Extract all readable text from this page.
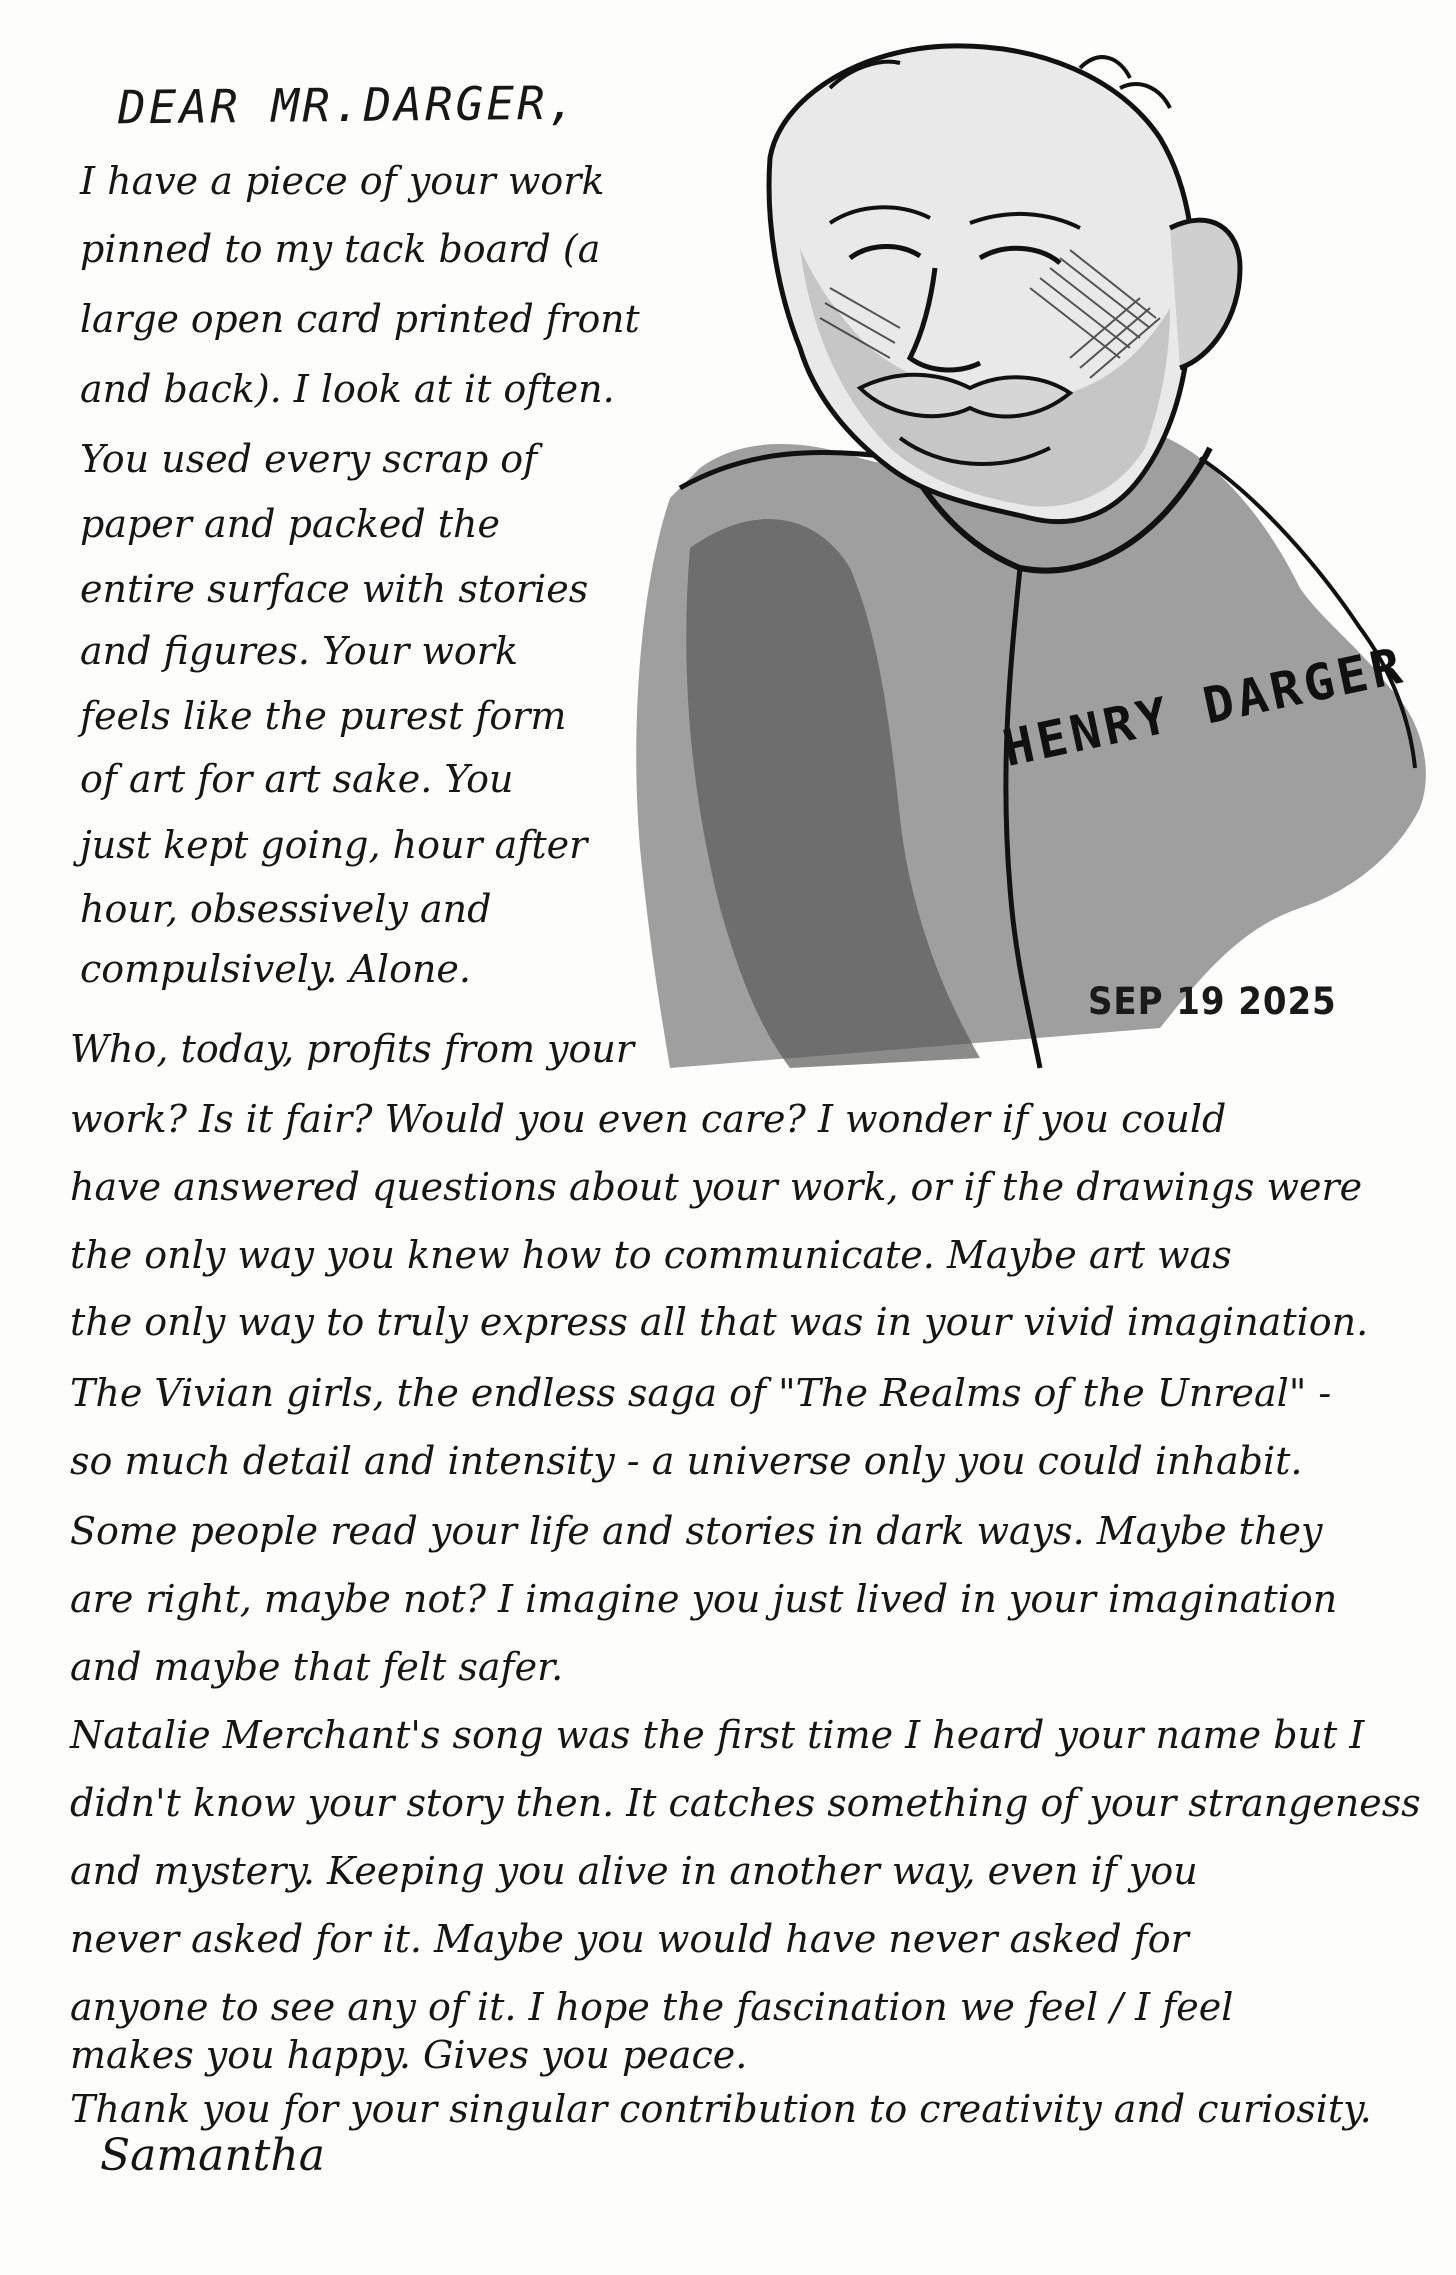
HENRY DARGER
SEP 19 2025
DEAR MR.DARGER,
I have a piece of your work
pinned to my tack board (a
large open card printed front
and back). I look at it often.
You used every scrap of
paper and packed the
entire surface with stories
and figures. Your work
feels like the purest form
of art for art sake. You
just kept going, hour after
hour, obsessively and
compulsively. Alone.
Who, today, profits from your
work? Is it fair? Would you even care? I wonder if you could
have answered questions about your work, or if the drawings were
the only way you knew how to communicate. Maybe art was
the only way to truly express all that was in your vivid imagination.
The Vivian girls, the endless saga of "The Realms of the Unreal" -
so much detail and intensity - a universe only you could inhabit.
Some people read your life and stories in dark ways. Maybe they
are right, maybe not? I imagine you just lived in your imagination
and maybe that felt safer.
Natalie Merchant's song was the first time I heard your name but I
didn't know your story then. It catches something of your strangeness
and mystery. Keeping you alive in another way, even if you
never asked for it. Maybe you would have never asked for
anyone to see any of it. I hope the fascination we feel / I feel
makes you happy. Gives you peace.
Thank you for your singular contribution to creativity and curiosity.
Samantha
